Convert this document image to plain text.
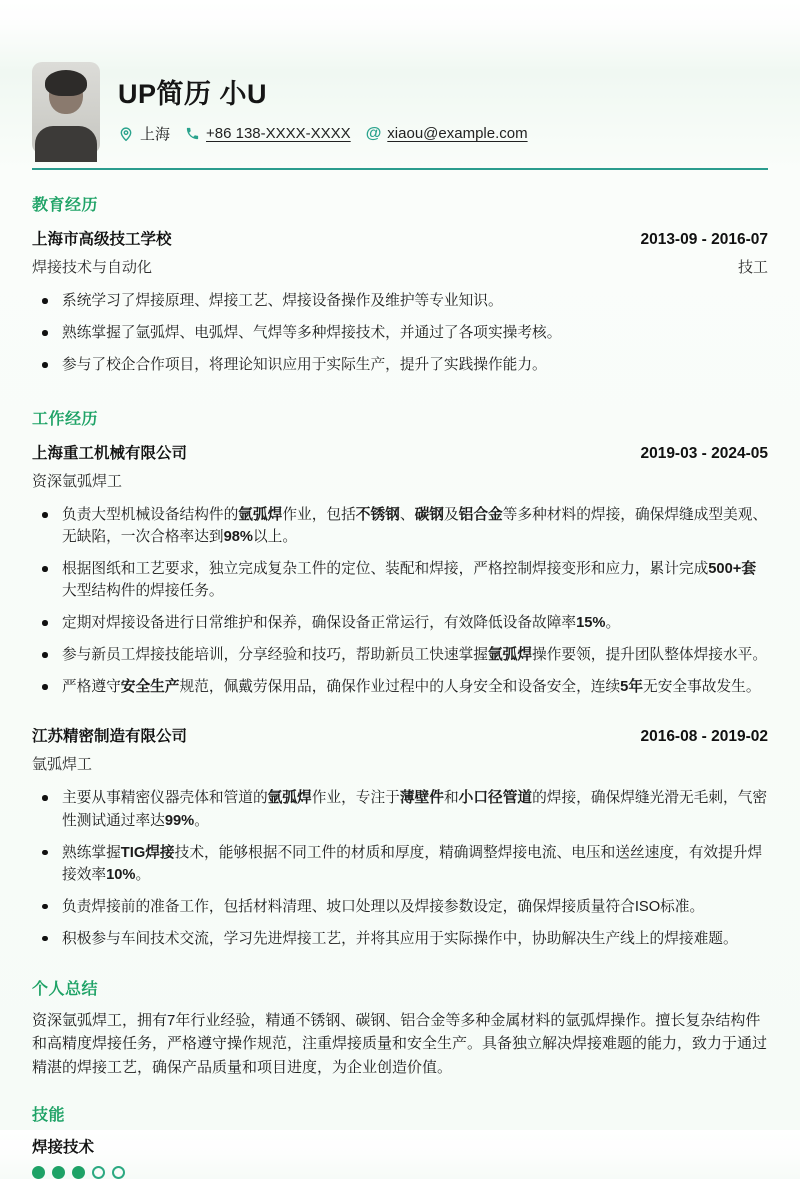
UP简历 小U
上海 +86 138-XXXX-XXXX @ xiaou@example.com
教育经历
上海市高级技工学校	2013-09 - 2016-07
焊接技术与自动化	技工
系统学习了焊接原理、焊接工艺、焊接设备操作及维护等专业知识。
熟练掌握了氩弧焊、电弧焊、气焊等多种焊接技术，并通过了各项实操考核。
参与了校企合作项目，将理论知识应用于实际生产，提升了实践操作能力。
工作经历
上海重工机械有限公司	2019-03 - 2024-05
资深氩弧焊工
负责大型机械设备结构件的氩弧焊作业，包括不锈钢、碳钢及铝合金等多种材料的焊接，确保焊缝成型美观、无缺陷，一次合格率达到98%以上。
根据图纸和工艺要求，独立完成复杂工件的定位、装配和焊接，严格控制焊接变形和应力，累计完成500+套大型结构件的焊接任务。
定期对焊接设备进行日常维护和保养，确保设备正常运行，有效降低设备故障率15%。
参与新员工焊接技能培训，分享经验和技巧，帮助新员工快速掌握氩弧焊操作要领，提升团队整体焊接水平。
严格遵守安全生产规范，佩戴劳保用品，确保作业过程中的人身安全和设备安全，连续5年无安全事故发生。
江苏精密制造有限公司	2016-08 - 2019-02
氩弧焊工
主要从事精密仪器壳体和管道的氩弧焊作业，专注于薄壁件和小口径管道的焊接，确保焊缝光滑无毛刺，气密性测试通过率达99%。
熟练掌握TIG焊接技术，能够根据不同工件的材质和厚度，精确调整焊接电流、电压和送丝速度，有效提升焊接效率10%。
负责焊接前的准备工作，包括材料清理、坡口处理以及焊接参数设定，确保焊接质量符合ISO标准。
积极参与车间技术交流，学习先进焊接工艺，并将其应用于实际操作中，协助解决生产线上的焊接难题。
个人总结
资深氩弧焊工，拥有7年行业经验，精通不锈钢、碳钢、铝合金等多种金属材料的氩弧焊操作。擅长复杂结构件和高精度焊接任务，严格遵守操作规范，注重焊接质量和安全生产。具备独立解决焊接难题的能力，致力于通过精湛的焊接工艺，确保产品质量和项目进度，为企业创造价值。
技能
焊接技术
